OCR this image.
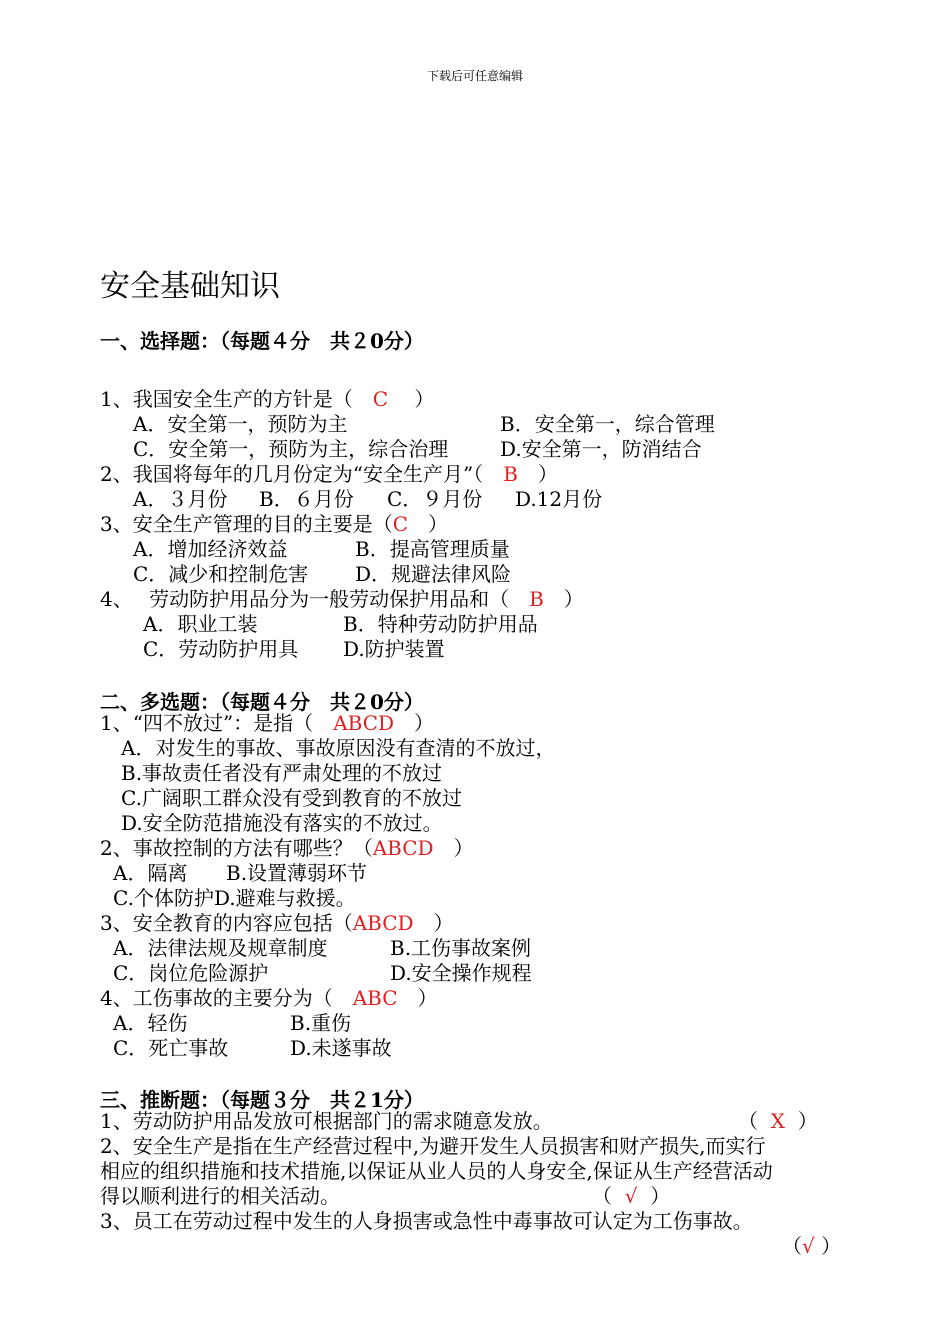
下载后可任意编辑
安全基础知识
一、选择题：（每题４分　共２0分）
1、我国安全生产的方针是（　C　 ）
A．安全第一，预防为主	B．安全第一，综合管理
C．安全第一，预防为主，综合治理	D.安全第一，防消结合
2、我国将每年的几月份定为“安全生产月”（　B　）
A．３月份 B．６月份 C．９月份 D.12月份
3、安全生产管理的目的主要是（C　）
A．增加经济效益	B．提高管理质量
C．减少和控制危害 D．规避法律风险
4、　 劳动防护用品分为一般劳动保护用品和（　B　）
A．职业工装	B．特种劳动防护用品
C．劳动防护用具 D.防护装置
二、多选题：（每题４分　共２0分）
1、“四不放过”：是指（　ABCD　）
A．对发生的事故、事故原因没有查清的不放过，
B.事故责任者没有严肃处理的不放过
C.广阔职工群众没有受到教育的不放过
D.安全防范措施没有落实的不放过。
2、事故控制的方法有哪些？（ABCD　）
A．隔离 B.设置薄弱环节
C.个体防护D.避难与救援。
3、安全教育的内容应包括（ABCD　）
A．法律法规及规章制度	B.工伤事故案例
C．岗位危险源护	D.安全操作规程
4、工伤事故的主要分为（　ABC　）
A．轻伤	B.重伤
C．死亡事故	D.未遂事故
三、推断题：（每题３分　共２1分）
1、劳动防护用品发放可根据部门的需求随意发放。	（ X ）
2、安全生产是指在生产经营过程中,为避开发生人员损害和财产损失,而实行
相应的组织措施和技术措施,以保证从业人员的人身安全,保证从生产经营活动
得以顺利进行的相关活动。	（ √ ）
3、员工在劳动过程中发生的人身损害或急性中毒事故可认定为工伤事故。
（√ ）
